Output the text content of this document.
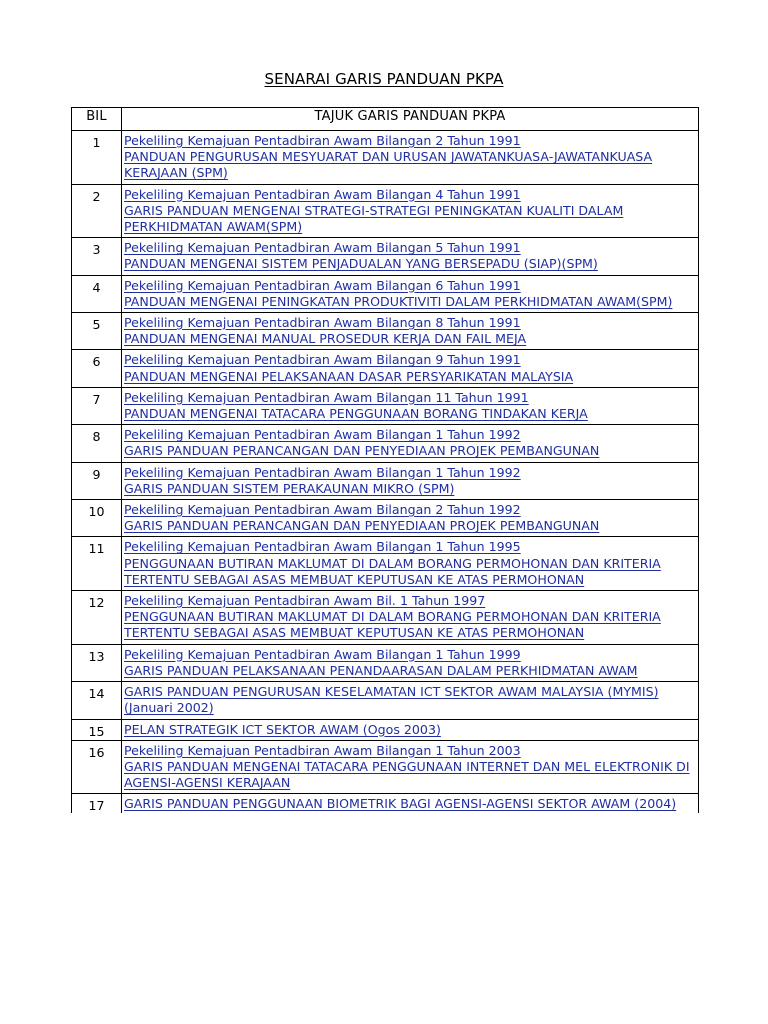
SENARAI GARIS PANDUAN PKPA
BIL	TAJUK GARIS PANDUAN PKPA
1	Pekeliling Kemajuan Pentadbiran Awam Bilangan 2 Tahun 1991
PANDUAN PENGURUSAN MESYUARAT DAN URUSAN JAWATANKUASA-JAWATANKUASA KERAJAAN (SPM)

2	Pekeliling Kemajuan Pentadbiran Awam Bilangan 4 Tahun 1991
GARIS PANDUAN MENGENAI STRATEGI-STRATEGI PENINGKATAN KUALITI DALAM PERKHIDMATAN AWAM(SPM)

3	Pekeliling Kemajuan Pentadbiran Awam Bilangan 5 Tahun 1991
PANDUAN MENGENAI SISTEM PENJADUALAN YANG BERSEPADU (SIAP)(SPM)

4	Pekeliling Kemajuan Pentadbiran Awam Bilangan 6 Tahun 1991
PANDUAN MENGENAI PENINGKATAN PRODUKTIVITI DALAM PERKHIDMATAN AWAM(SPM)

5	Pekeliling Kemajuan Pentadbiran Awam Bilangan 8 Tahun 1991
PANDUAN MENGENAI MANUAL PROSEDUR KERJA DAN FAIL MEJA

6	Pekeliling Kemajuan Pentadbiran Awam Bilangan 9 Tahun 1991
PANDUAN MENGENAI PELAKSANAAN DASAR PERSYARIKATAN MALAYSIA

7	Pekeliling Kemajuan Pentadbiran Awam Bilangan 11 Tahun 1991
PANDUAN MENGENAI TATACARA PENGGUNAAN BORANG TINDAKAN KERJA

8	Pekeliling Kemajuan Pentadbiran Awam Bilangan 1 Tahun 1992
GARIS PANDUAN PERANCANGAN DAN PENYEDIAAN PROJEK PEMBANGUNAN

9	Pekeliling Kemajuan Pentadbiran Awam Bilangan 1 Tahun 1992
GARIS PANDUAN SISTEM PERAKAUNAN MIKRO (SPM)

10	Pekeliling Kemajuan Pentadbiran Awam Bilangan 2 Tahun 1992
GARIS PANDUAN PERANCANGAN DAN PENYEDIAAN PROJEK PEMBANGUNAN

11	Pekeliling Kemajuan Pentadbiran Awam Bilangan 1 Tahun 1995
PENGGUNAAN BUTIRAN MAKLUMAT DI DALAM BORANG PERMOHONAN DAN KRITERIA TERTENTU SEBAGAI ASAS MEMBUAT KEPUTUSAN KE ATAS PERMOHONAN

12	Pekeliling Kemajuan Pentadbiran Awam Bil. 1 Tahun 1997
PENGGUNAAN BUTIRAN MAKLUMAT DI DALAM BORANG PERMOHONAN DAN KRITERIA TERTENTU SEBAGAI ASAS MEMBUAT KEPUTUSAN KE ATAS PERMOHONAN

13	Pekeliling Kemajuan Pentadbiran Awam Bilangan 1 Tahun 1999
GARIS PANDUAN PELAKSANAAN PENANDAARASAN DALAM PERKHIDMATAN AWAM

14	GARIS PANDUAN PENGURUSAN KESELAMATAN ICT SEKTOR AWAM MALAYSIA (MYMIS) (Januari 2002)

15	PELAN STRATEGIK ICT SEKTOR AWAM (Ogos 2003)

16	Pekeliling Kemajuan Pentadbiran Awam Bilangan 1 Tahun 2003
GARIS PANDUAN MENGENAI TATACARA PENGGUNAAN INTERNET DAN MEL ELEKTRONIK DI AGENSI-AGENSI KERAJAAN

17	GARIS PANDUAN PENGGUNAAN BIOMETRIK BAGI AGENSI-AGENSI SEKTOR AWAM (2004)
